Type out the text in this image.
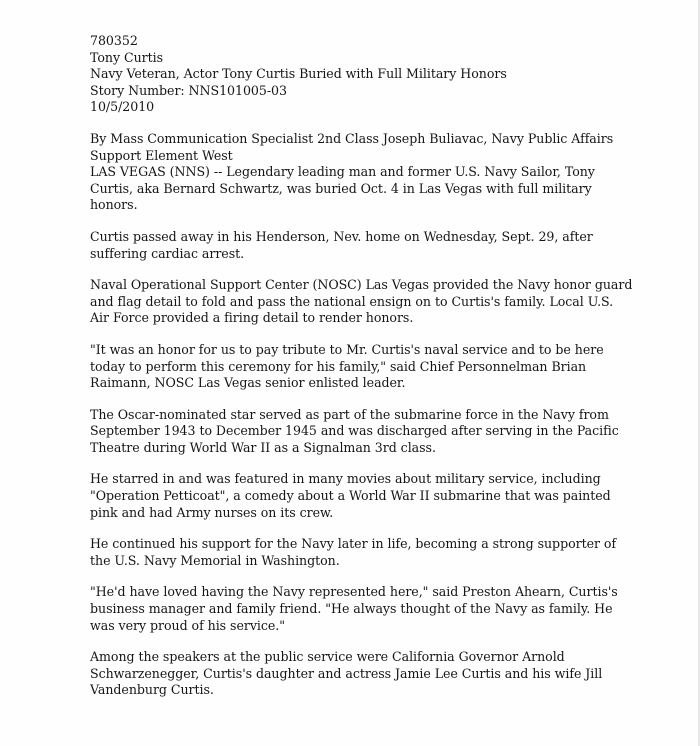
780352

Tony Curtis

Navy Veteran, Actor Tony Curtis Buried with Full Military Honors

Story Number: NNS101005-03

10/5/2010

By Mass Communication Specialist 2nd Class Joseph Buliavac, Navy Public Affairs
Support Element West

LAS VEGAS (NNS) -- Legendary leading man and former U.S. Navy Sailor, Tony
Curtis, aka Bernard Schwartz, was buried Oct. 4 in Las Vegas with full military
honors.

Curtis passed away in his Henderson, Nev. home on Wednesday, Sept. 29, after
suffering cardiac arrest.

Naval Operational Support Center (NOSC) Las Vegas provided the Navy honor guard
and flag detail to fold and pass the national ensign on to Curtis's family. Local U.S.
Air Force provided a firing detail to render honors.

"It was an honor for us to pay tribute to Mr. Curtis's naval service and to be here
today to perform this ceremony for his family," said Chief Personnelman Brian
Raimann, NOSC Las Vegas senior enlisted leader.

The Oscar-nominated star served as part of the submarine force in the Navy from
September 1943 to December 1945 and was discharged after serving in the Pacific
Theatre during World War II as a Signalman 3rd class.

He starred in and was featured in many movies about military service, including
"Operation Petticoat", a comedy about a World War II submarine that was painted
pink and had Army nurses on its crew.

He continued his support for the Navy later in life, becoming a strong supporter of
the U.S. Navy Memorial in Washington.

"He'd have loved having the Navy represented here," said Preston Ahearn, Curtis's
business manager and family friend. "He always thought of the Navy as family. He
was very proud of his service."

Among the speakers at the public service were California Governor Arnold
Schwarzenegger, Curtis's daughter and actress Jamie Lee Curtis and his wife Jill
Vandenburg Curtis.
